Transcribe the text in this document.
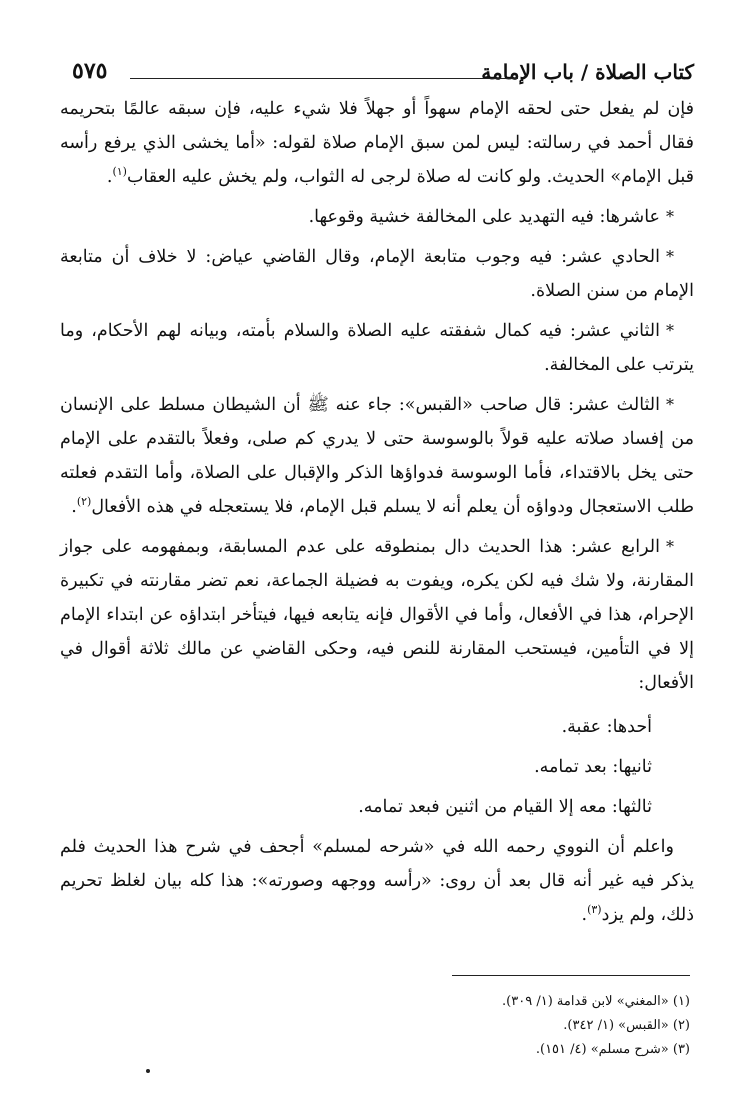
كتاب الصلاة / باب الإمامة
٥٧٥

فإن لم يفعل حتى لحقه الإمام سهواً أو جهلاً فلا شيء عليه، فإن سبقه عالمًا بتحريمه فقال أحمد في رسالته: ليس لمن سبق الإمام صلاة لقوله: «أما يخشى الذي يرفع رأسه قبل الإمام» الحديث. ولو كانت له صلاة لرجى له الثواب، ولم يخش عليه العقاب$^{(١)}$.

*عاشرها: فيه التهديد على المخالفة خشية وقوعها.

*الحادي عشر: فيه وجوب متابعة الإمام، وقال القاضي عياض: لا خلاف أن متابعة الإمام من سنن الصلاة.

*الثاني عشر: فيه كمال شفقته عليه الصلاة والسلام بأمته، وبيانه لهم الأحكام، وما يترتب على المخالفة.

*الثالث عشر: قال صاحب «القبس»: جاء عنه ﷺ أن الشيطان مسلط على الإنسان من إفساد صلاته عليه قولاً بالوسوسة حتى لا يدري كم صلى، وفعلاً بالتقدم على الإمام حتى يخل بالاقتداء، فأما الوسوسة فدواؤها الذكر والإقبال على الصلاة، وأما التقدم فعلته طلب الاستعجال ودواؤه أن يعلم أنه لا يسلم قبل الإمام، فلا يستعجله في هذه الأفعال$^{(٢)}$.

*الرابع عشر: هذا الحديث دال بمنطوقه على عدم المسابقة، وبمفهومه على جواز المقارنة، ولا شك فيه لكن يكره، ويفوت به فضيلة الجماعة، نعم تضر مقارنته في تكبيرة الإحرام، هذا في الأفعال، وأما في الأقوال فإنه يتابعه فيها، فيتأخر ابتداؤه عن ابتداء الإمام إلا في التأمين، فيستحب المقارنة للنص فيه، وحكى القاضي عن مالك ثلاثة أقوال في الأفعال:

أحدها: عقبة.

ثانيها: بعد تمامه.

ثالثها: معه إلا القيام من اثنين فبعد تمامه.

واعلم أن النووي رحمه الله في «شرحه لمسلم» أجحف في شرح هذا الحديث فلم يذكر فيه غير أنه قال بعد أن روى: «رأسه ووجهه وصورته»: هذا كله بيان لغلظ تحريم ذلك، ولم يزد$^{(٣)}$.

(١) «المغني» لابن قدامة (١/ ٣٠٩).
(٢) «القبس» (١/ ٣٤٢).
(٣) «شرح مسلم» (٤/ ١٥١).
